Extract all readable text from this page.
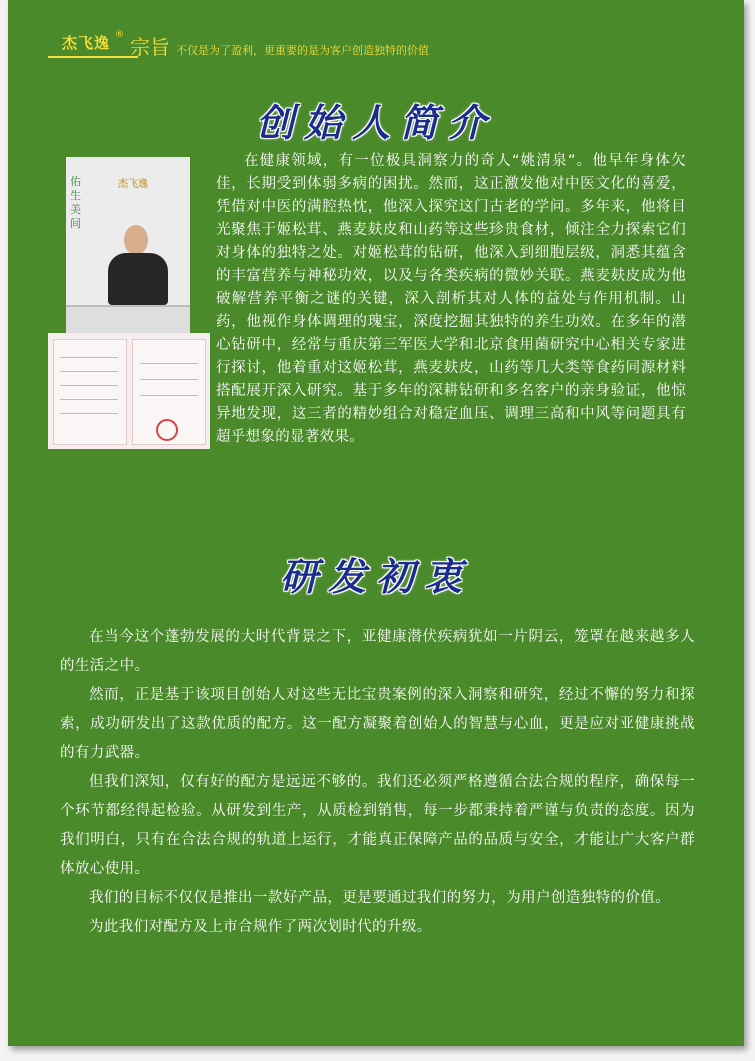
杰飞逸 ® 宗旨 不仅是为了盈利，更重要的是为客户创造独特的价值
创始人简介
佑生美间
杰飞逸

在健康领域，有一位极具洞察力的奇人“姚清泉”。他早年身体欠佳，长期受到体弱多病的困扰。然而，这正激发他对中医文化的喜爱，凭借对中医的满腔热忱，他深入探究这门古老的学问。多年来，他将目光聚焦于姬松茸、燕麦麸皮和山药等这些珍贵食材，倾注全力探索它们对身体的独特之处。对姬松茸的钻研，他深入到细胞层级，洞悉其蕴含的丰富营养与神秘功效，以及与各类疾病的微妙关联。燕麦麸皮成为他破解营养平衡之谜的关键，深入剖析其对人体的益处与作用机制。山药，他视作身体调理的瑰宝，深度挖掘其独特的养生功效。在多年的潜心钻研中，经常与重庆第三军医大学和北京食用菌研究中心相关专家进行探讨，他着重对这姬松茸，燕麦麸皮，山药等几大类等食药同源材料搭配展开深入研究。基于多年的深耕钻研和多名客户的亲身验证，他惊异地发现，这三者的精妙组合对稳定血压、调理三高和中风等问题具有超乎想象的显著效果。

研发初衷

在当今这个蓬勃发展的大时代背景之下，亚健康潜伏疾病犹如一片阴云，笼罩在越来越多人的生活之中。

然而，正是基于该项目创始人对这些无比宝贵案例的深入洞察和研究，经过不懈的努力和探索，成功研发出了这款优质的配方。这一配方凝聚着创始人的智慧与心血，更是应对亚健康挑战的有力武器。

但我们深知，仅有好的配方是远远不够的。我们还必须严格遵循合法合规的程序，确保每一个环节都经得起检验。从研发到生产，从质检到销售，每一步都秉持着严谨与负责的态度。因为我们明白，只有在合法合规的轨道上运行，才能真正保障产品的品质与安全，才能让广大客户群体放心使用。

我们的目标不仅仅是推出一款好产品，更是要通过我们的努力，为用户创造独特的价值。

为此我们对配方及上市合规作了两次划时代的升级。
